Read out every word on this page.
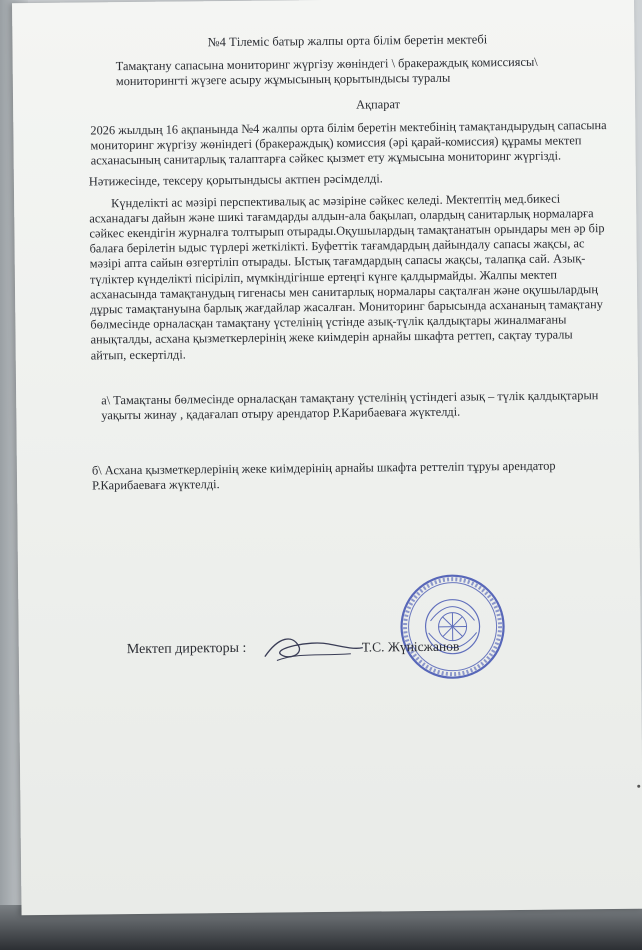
№4 Тілеміс батыр жалпы орта білім беретін мектебі

Тамақтану сапасына мониторинг жүргізу жөніндегі \ бракераждық комиссиясы\

мониторингті жүзеге асыру жұмысының қорытындысы туралы

Ақпарат

2026 жылдың 16 ақпанында №4 жалпы орта білім беретін мектебінің тамақтандырудың сапасына мониторинг жүргізу жөніндегі (бракераждық) комиссия (әрі қарай-комиссия) құрамы мектеп асханасының санитарлық талаптарға сәйкес қызмет ету жұмысына мониторинг жүргізді.

Нәтижесінде, тексеру қорытындысы актпен рәсімделді.

Күнделікті ас мәзірі перспективалық ас мәзіріне сәйкес келеді. Мектептің мед.бикесі асханадағы дайын және шикі тағамдарды алдын-ала бақылап, олардың санитарлық нормаларға сәйкес екендігін журналға толтырып отырады.Оқушылардың тамақтанатын орындары мен әр бір балаға берілетін ыдыс түрлері жеткілікті. Буфеттік тағамдардың дайындалу сапасы жақсы, ас мәзірі апта сайын өзгертіліп отырады. Ыстық тағамдардың сапасы жақсы, талапқа сай. Азық-түліктер күнделікті пісіріліп, мүмкіндігінше ертеңгі күнге қалдырмайды. Жалпы мектеп асханасында тамақтанудың гигенасы мен санитарлық нормалары сақталған және оқушылардың дұрыс тамақтануына барлық жағдайлар жасалған. Мониторинг барысында асхананың тамақтану бөлмесінде орналасқан тамақтану үстелінің үстінде азық-түлік қалдықтары жиналмағаны анықталды, асхана қызметкерлерінің жеке киімдерін арнайы шкафта реттеп, сақтау туралы айтып, ескертілді.

а\ Тамақтаны бөлмесінде орналасқан тамақтану үстелінің үстіндегі азық – түлік қалдықтарын уақыты жинау , қадағалап отыру арендатор Р.Карибаеваға жүктелді.

б\ Асхана қызметкерлерінің жеке киімдерінің арнайы шкафта реттеліп тұруы арендатор Р.Карибаеваға жүктелді.

Мектеп директоры :	Т.С. Жүнісжанов
